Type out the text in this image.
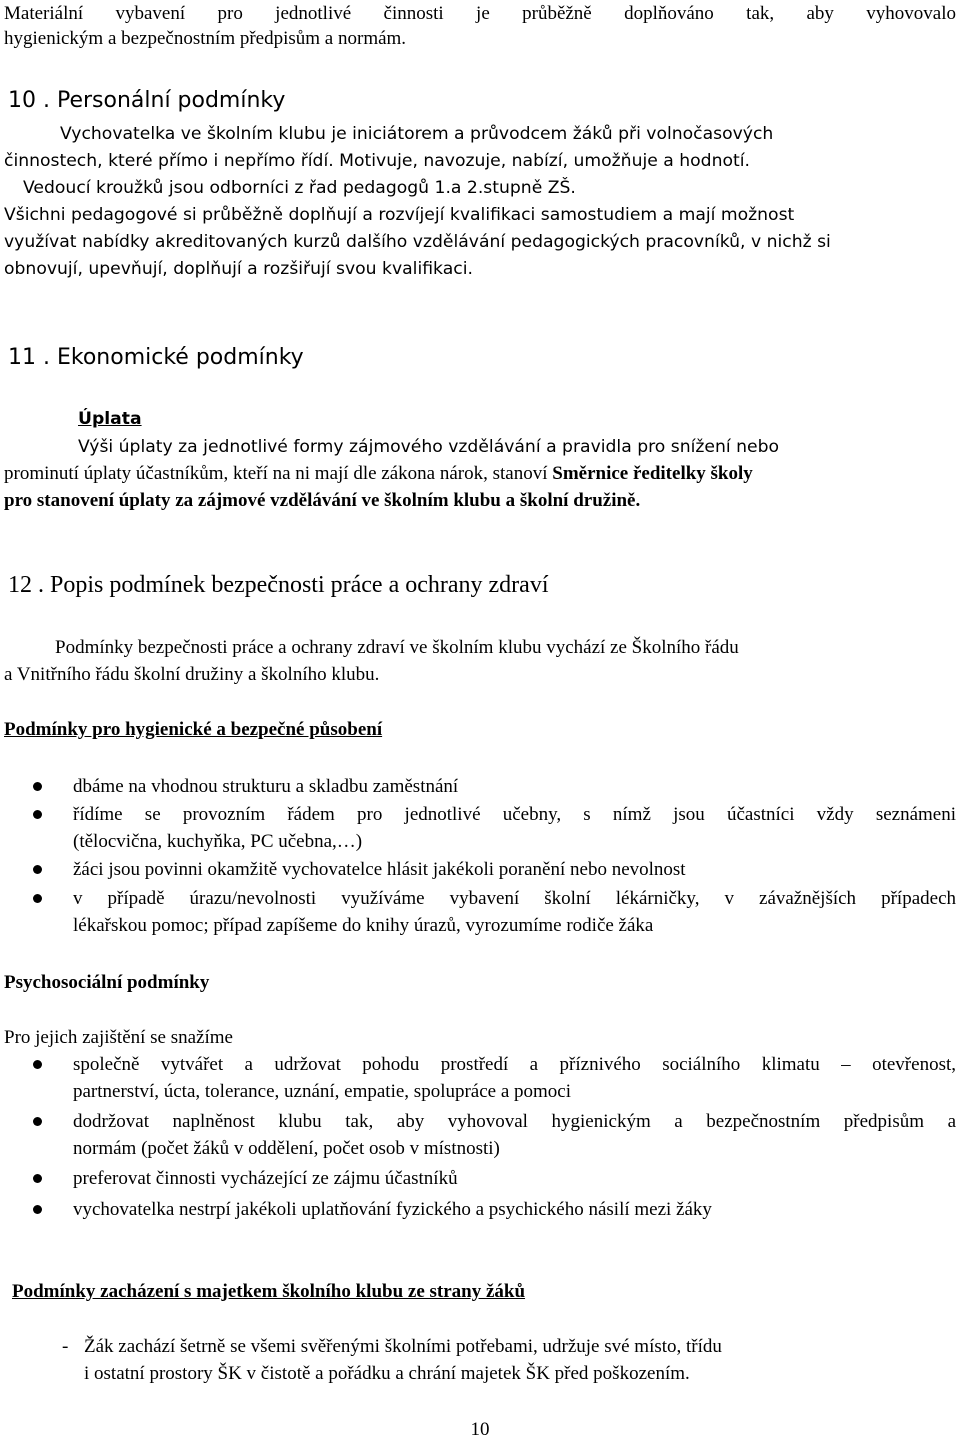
Materiální vybavení pro jednotlivé činnosti je průběžně doplňováno tak, aby vyhovovalo
hygienickým a bezpečnostním předpisům a normám.
10 . Personální podmínky
Vychovatelka ve školním klubu je iniciátorem a průvodcem žáků při volnočasových
činnostech, které přímo i nepřímo řídí. Motivuje, navozuje, nabízí, umožňuje a hodnotí.
Vedoucí kroužků jsou odborníci z řad pedagogů 1.a 2.stupně ZŠ.
Všichni pedagogové si průběžně doplňují a rozvíjejí kvalifikaci samostudiem a mají možnost
využívat nabídky akreditovaných kurzů dalšího vzdělávání pedagogických pracovníků, v nichž si
obnovují, upevňují, doplňují a rozšiřují svou kvalifikaci.
11 . Ekonomické podmínky
Úplata
Výši úplaty za jednotlivé formy zájmového vzdělávání a pravidla pro snížení nebo
prominutí úplaty účastníkům, kteří na ni mají dle zákona nárok, stanoví Směrnice ředitelky školy
pro stanovení úplaty za zájmové vzdělávání ve školním klubu a školní družině.
12 . Popis podmínek bezpečnosti práce a ochrany zdraví
Podmínky bezpečnosti práce a ochrany zdraví ve školním klubu vychází ze Školního řádu
a Vnitřního řádu školní družiny a školního klubu.
Podmínky pro hygienické a bezpečné působení
dbáme na vhodnou strukturu a skladbu zaměstnání
řídíme se provozním řádem pro jednotlivé učebny, s nímž jsou účastníci vždy seznámeni
(tělocvična, kuchyňka, PC učebna,…)
žáci jsou povinni okamžitě vychovatelce hlásit jakékoli poranění nebo nevolnost
v případě úrazu/nevolnosti využíváme vybavení školní lékárničky, v závažnějších případech
lékařskou pomoc; případ zapíšeme do knihy úrazů, vyrozumíme rodiče žáka
Psychosociální podmínky
Pro jejich zajištění se snažíme
společně vytvářet a udržovat pohodu prostředí a příznivého sociálního klimatu – otevřenost,
partnerství, úcta, tolerance, uznání, empatie, spolupráce a pomoci
dodržovat naplněnost klubu tak, aby vyhovoval hygienickým a bezpečnostním předpisům a
normám (počet žáků v oddělení, počet osob v místnosti)
preferovat činnosti vycházející ze zájmu účastníků
vychovatelka nestrpí jakékoli uplatňování fyzického a psychického násilí mezi žáky
Podmínky zacházení s majetkem školního klubu ze strany žáků
- Žák zachází šetrně se všemi svěřenými školními potřebami, udržuje své místo, třídu
i ostatní prostory ŠK v čistotě a pořádku a chrání majetek ŠK před poškozením.
10
